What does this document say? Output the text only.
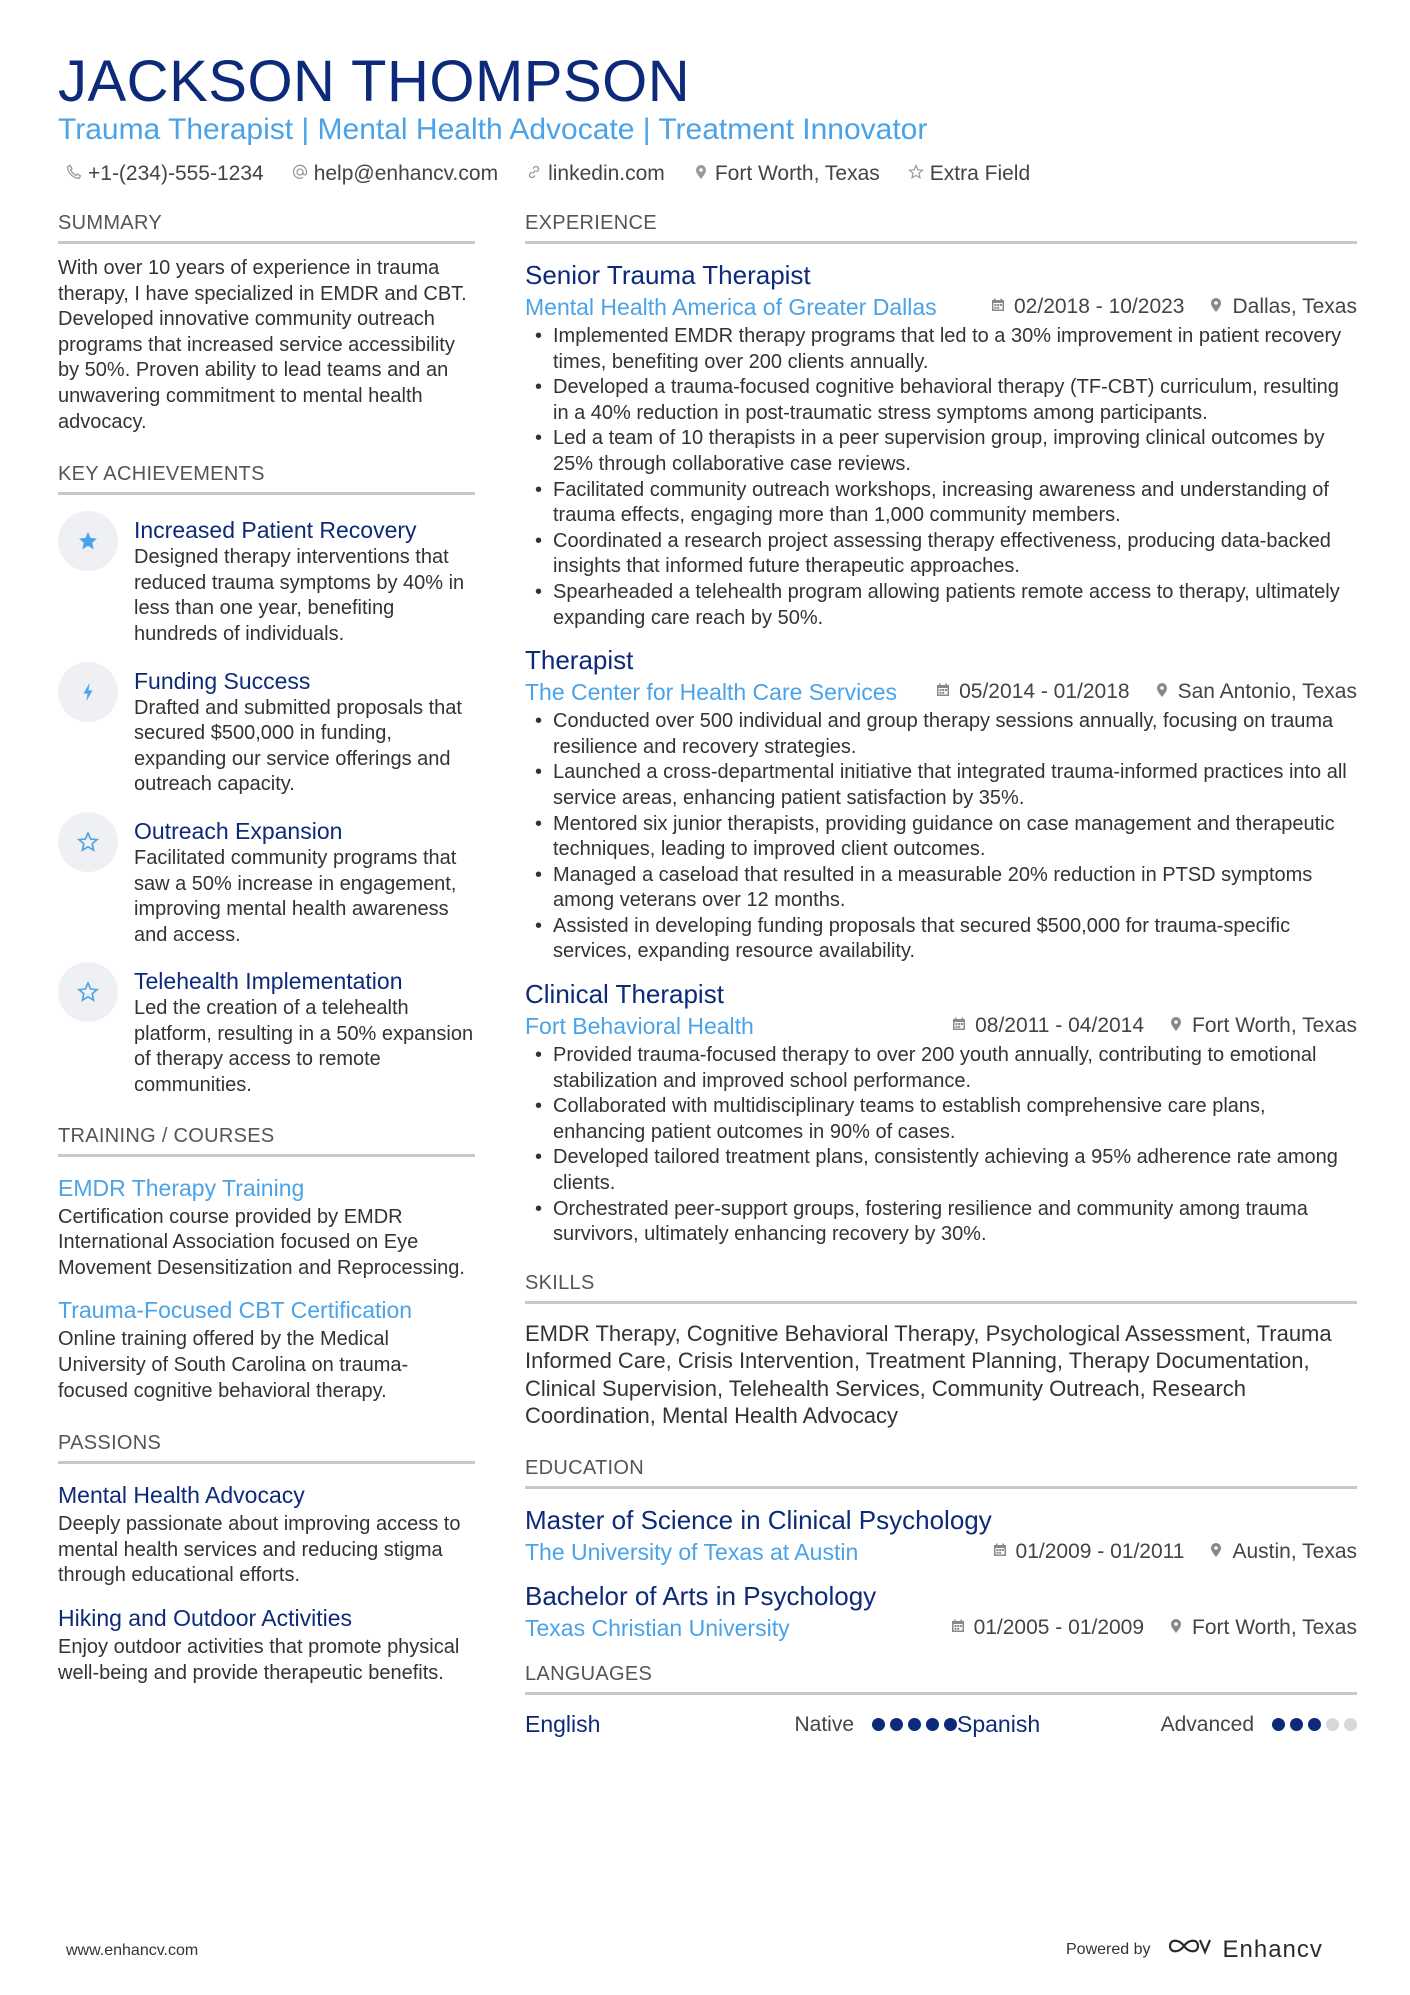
JACKSON THOMPSON
Trauma Therapist | Mental Health Advocate | Treatment Innovator
+1-(234)-555-1234 help@enhancv.com linkedin.com Fort Worth, Texas Extra Field
SUMMARY
With over 10 years of experience in trauma therapy, I have specialized in EMDR and CBT. Developed innovative community outreach programs that increased service accessibility by 50%. Proven ability to lead teams and an unwavering commitment to mental health advocacy.
KEY ACHIEVEMENTS
Increased Patient Recovery
Designed therapy interventions that reduced trauma symptoms by 40% in less than one year, benefiting hundreds of individuals.
Funding Success
Drafted and submitted proposals that secured $500,000 in funding, expanding our service offerings and outreach capacity.
Outreach Expansion
Facilitated community programs that saw a 50% increase in engagement, improving mental health awareness and access.
Telehealth Implementation
Led the creation of a telehealth platform, resulting in a 50% expansion of therapy access to remote communities.
TRAINING / COURSES
EMDR Therapy Training
Certification course provided by EMDR International Association focused on Eye Movement Desensitization and Reprocessing.
Trauma-Focused CBT Certification
Online training offered by the Medical University of South Carolina on trauma-focused cognitive behavioral therapy.
PASSIONS
Mental Health Advocacy
Deeply passionate about improving access to mental health services and reducing stigma through educational efforts.
Hiking and Outdoor Activities
Enjoy outdoor activities that promote physical well-being and provide therapeutic benefits.
EXPERIENCE
Senior Trauma Therapist
Mental Health America of Greater Dallas	02/2018 - 10/2023 Dallas, Texas
• Implemented EMDR therapy programs that led to a 30% improvement in patient recovery times, benefiting over 200 clients annually.
• Developed a trauma-focused cognitive behavioral therapy (TF-CBT) curriculum, resulting in a 40% reduction in post-traumatic stress symptoms among participants.
• Led a team of 10 therapists in a peer supervision group, improving clinical outcomes by 25% through collaborative case reviews.
• Facilitated community outreach workshops, increasing awareness and understanding of trauma effects, engaging more than 1,000 community members.
• Coordinated a research project assessing therapy effectiveness, producing data-backed insights that informed future therapeutic approaches.
• Spearheaded a telehealth program allowing patients remote access to therapy, ultimately expanding care reach by 50%.
Therapist
The Center for Health Care Services	05/2014 - 01/2018 San Antonio, Texas
• Conducted over 500 individual and group therapy sessions annually, focusing on trauma resilience and recovery strategies.
• Launched a cross-departmental initiative that integrated trauma-informed practices into all service areas, enhancing patient satisfaction by 35%.
• Mentored six junior therapists, providing guidance on case management and therapeutic techniques, leading to improved client outcomes.
• Managed a caseload that resulted in a measurable 20% reduction in PTSD symptoms among veterans over 12 months.
• Assisted in developing funding proposals that secured $500,000 for trauma-specific services, expanding resource availability.
Clinical Therapist
Fort Behavioral Health	08/2011 - 04/2014 Fort Worth, Texas
• Provided trauma-focused therapy to over 200 youth annually, contributing to emotional stabilization and improved school performance.
• Collaborated with multidisciplinary teams to establish comprehensive care plans, enhancing patient outcomes in 90% of cases.
• Developed tailored treatment plans, consistently achieving a 95% adherence rate among clients.
• Orchestrated peer-support groups, fostering resilience and community among trauma survivors, ultimately enhancing recovery by 30%.
SKILLS
EMDR Therapy, Cognitive Behavioral Therapy, Psychological Assessment, Trauma Informed Care, Crisis Intervention, Treatment Planning, Therapy Documentation, Clinical Supervision, Telehealth Services, Community Outreach, Research Coordination, Mental Health Advocacy
EDUCATION
Master of Science in Clinical Psychology
The University of Texas at Austin	01/2009 - 01/2011 Austin, Texas
Bachelor of Arts in Psychology
Texas Christian University	01/2005 - 01/2009 Fort Worth, Texas
LANGUAGES
English	Native	Spanish	Advanced
www.enhancv.com	Powered by	Enhancv
